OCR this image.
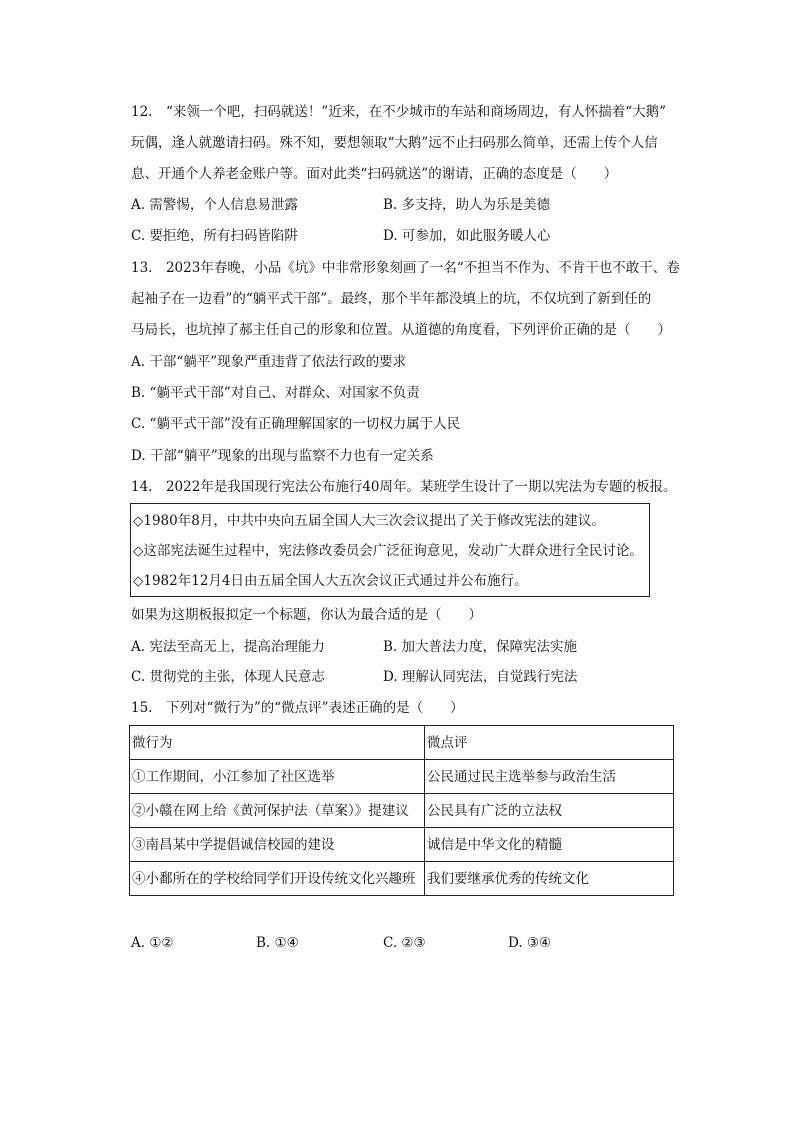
12.　“来领一个吧，扫码就送！”近来，在不少城市的车站和商场周边，有人怀揣着“大鹅”
玩偶，逢人就邀请扫码。殊不知，要想领取“大鹅”远不止扫码那么简单，还需上传个人信
息、开通个人养老金账户等。面对此类“扫码就送”的谢请，正确的态度是（　　）
A. 需警惕，个人信息易泄露	B. 多支持，助人为乐是美德
C. 要拒绝，所有扫码皆陷阱	D. 可参加，如此服务暖人心
13.　2023年春晚，小品《坑》中非常形象刻画了一名“不担当不作为、不肯干也不敢干、卷
起袖子在一边看”的“躺平式干部”。最终，那个半年都没填上的坑，不仅坑到了新到任的
马局长，也坑掉了郝主任自己的形象和位置。从道德的角度看，下列评价正确的是（　　）
A. 干部“躺平”现象严重违背了依法行政的要求
B. “躺平式干部”对自己、对群众、对国家不负责
C. “躺平式干部”没有正确理解国家的一切权力属于人民
D. 干部“躺平”现象的出现与监察不力也有一定关系
14.　2022年是我国现行宪法公布施行40周年。某班学生设计了一期以宪法为专题的板报。
◇1980年8月，中共中央向五届全国人大三次会议提出了关于修改宪法的建议。
◇这部宪法诞生过程中，宪法修改委员会广泛征询意见，发动广大群众进行全民讨论。
◇1982年12月4日由五届全国人大五次会议正式通过并公布施行。
如果为这期板报拟定一个标题，你认为最合适的是（　　）
A. 宪法至高无上，提高治理能力	B. 加大普法力度，保障宪法实施
C. 贯彻党的主张，体现人民意志	D. 理解认同宪法，自觉践行宪法
15.　下列对“微行为”的“微点评”表述正确的是（　　）
微行为	微点评
①工作期间，小江参加了社区选举	公民通过民主选举参与政治生活
②小赣在网上给《黄河保护法（草案）》提建议	公民具有广泛的立法权
③南昌某中学提倡诚信校园的建设	诚信是中华文化的精髓
④小鄱所在的学校给同学们开设传统文化兴趣班	我们要继承优秀的传统文化
A. ①②	B. ①④	C. ②③	D. ③④
